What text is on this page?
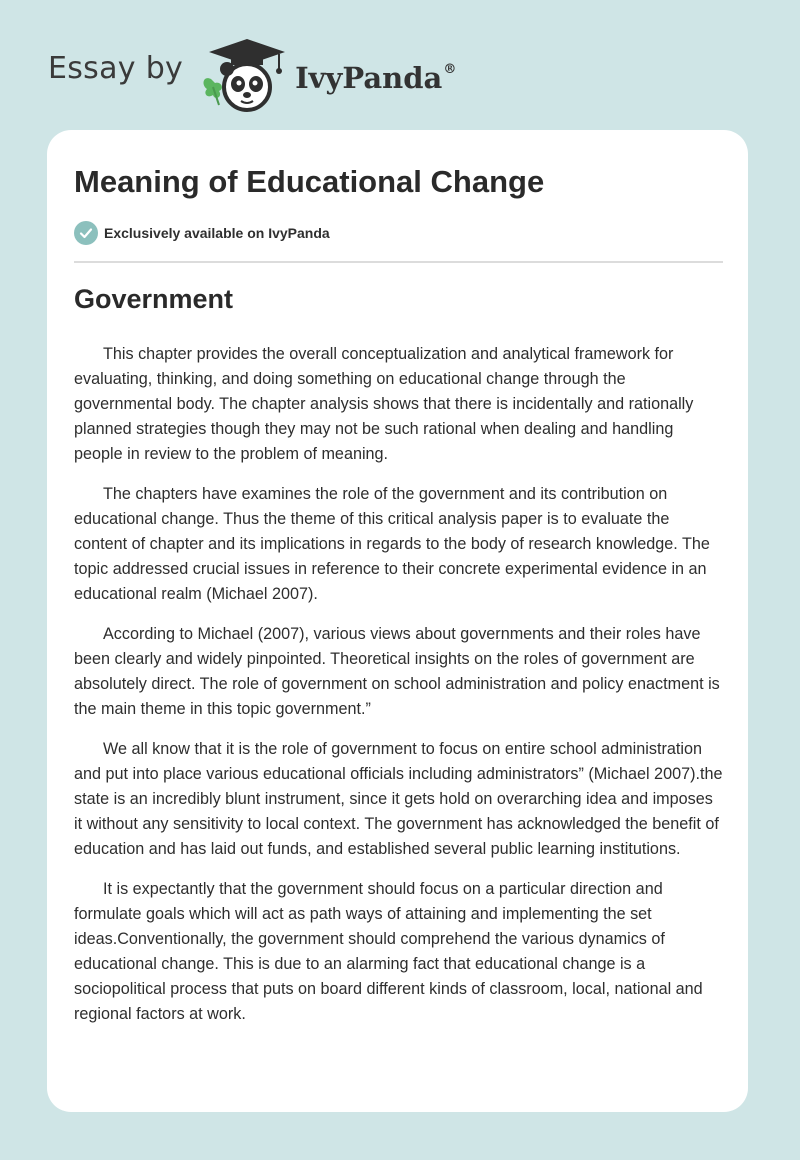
Essay by	IvyPanda®
Meaning of Educational Change
Exclusively available on IvyPanda
Government

This chapter provides the overall conceptualization and analytical framework for evaluating, thinking, and doing something on educational change through the governmental body. The chapter analysis shows that there is incidentally and rationally planned strategies though they may not be such rational when dealing and handling people in review to the problem of meaning.

The chapters have examines the role of the government and its contribution on educational change. Thus the theme of this critical analysis paper is to evaluate the content of chapter and its implications in regards to the body of research knowledge. The topic addressed crucial issues in reference to their concrete experimental evidence in an educational realm (Michael 2007).

According to Michael (2007), various views about governments and their roles have been clearly and widely pinpointed. Theoretical insights on the roles of government are absolutely direct. The role of government on school administration and policy enactment is the main theme in this topic government.”

We all know that it is the role of government to focus on entire school administration and put into place various educational officials including administrators” (Michael 2007).the state is an incredibly blunt instrument, since it gets hold on overarching idea and imposes it without any sensitivity to local context. The government has acknowledged the benefit of education and has laid out funds, and established several public learning institutions.

It is expectantly that the government should focus on a particular direction and formulate goals which will act as path ways of attaining and implementing the set ideas.Conventionally, the government should comprehend the various dynamics of educational change. This is due to an alarming fact that educational change is a sociopolitical process that puts on board different kinds of classroom, local, national and regional factors at work.
